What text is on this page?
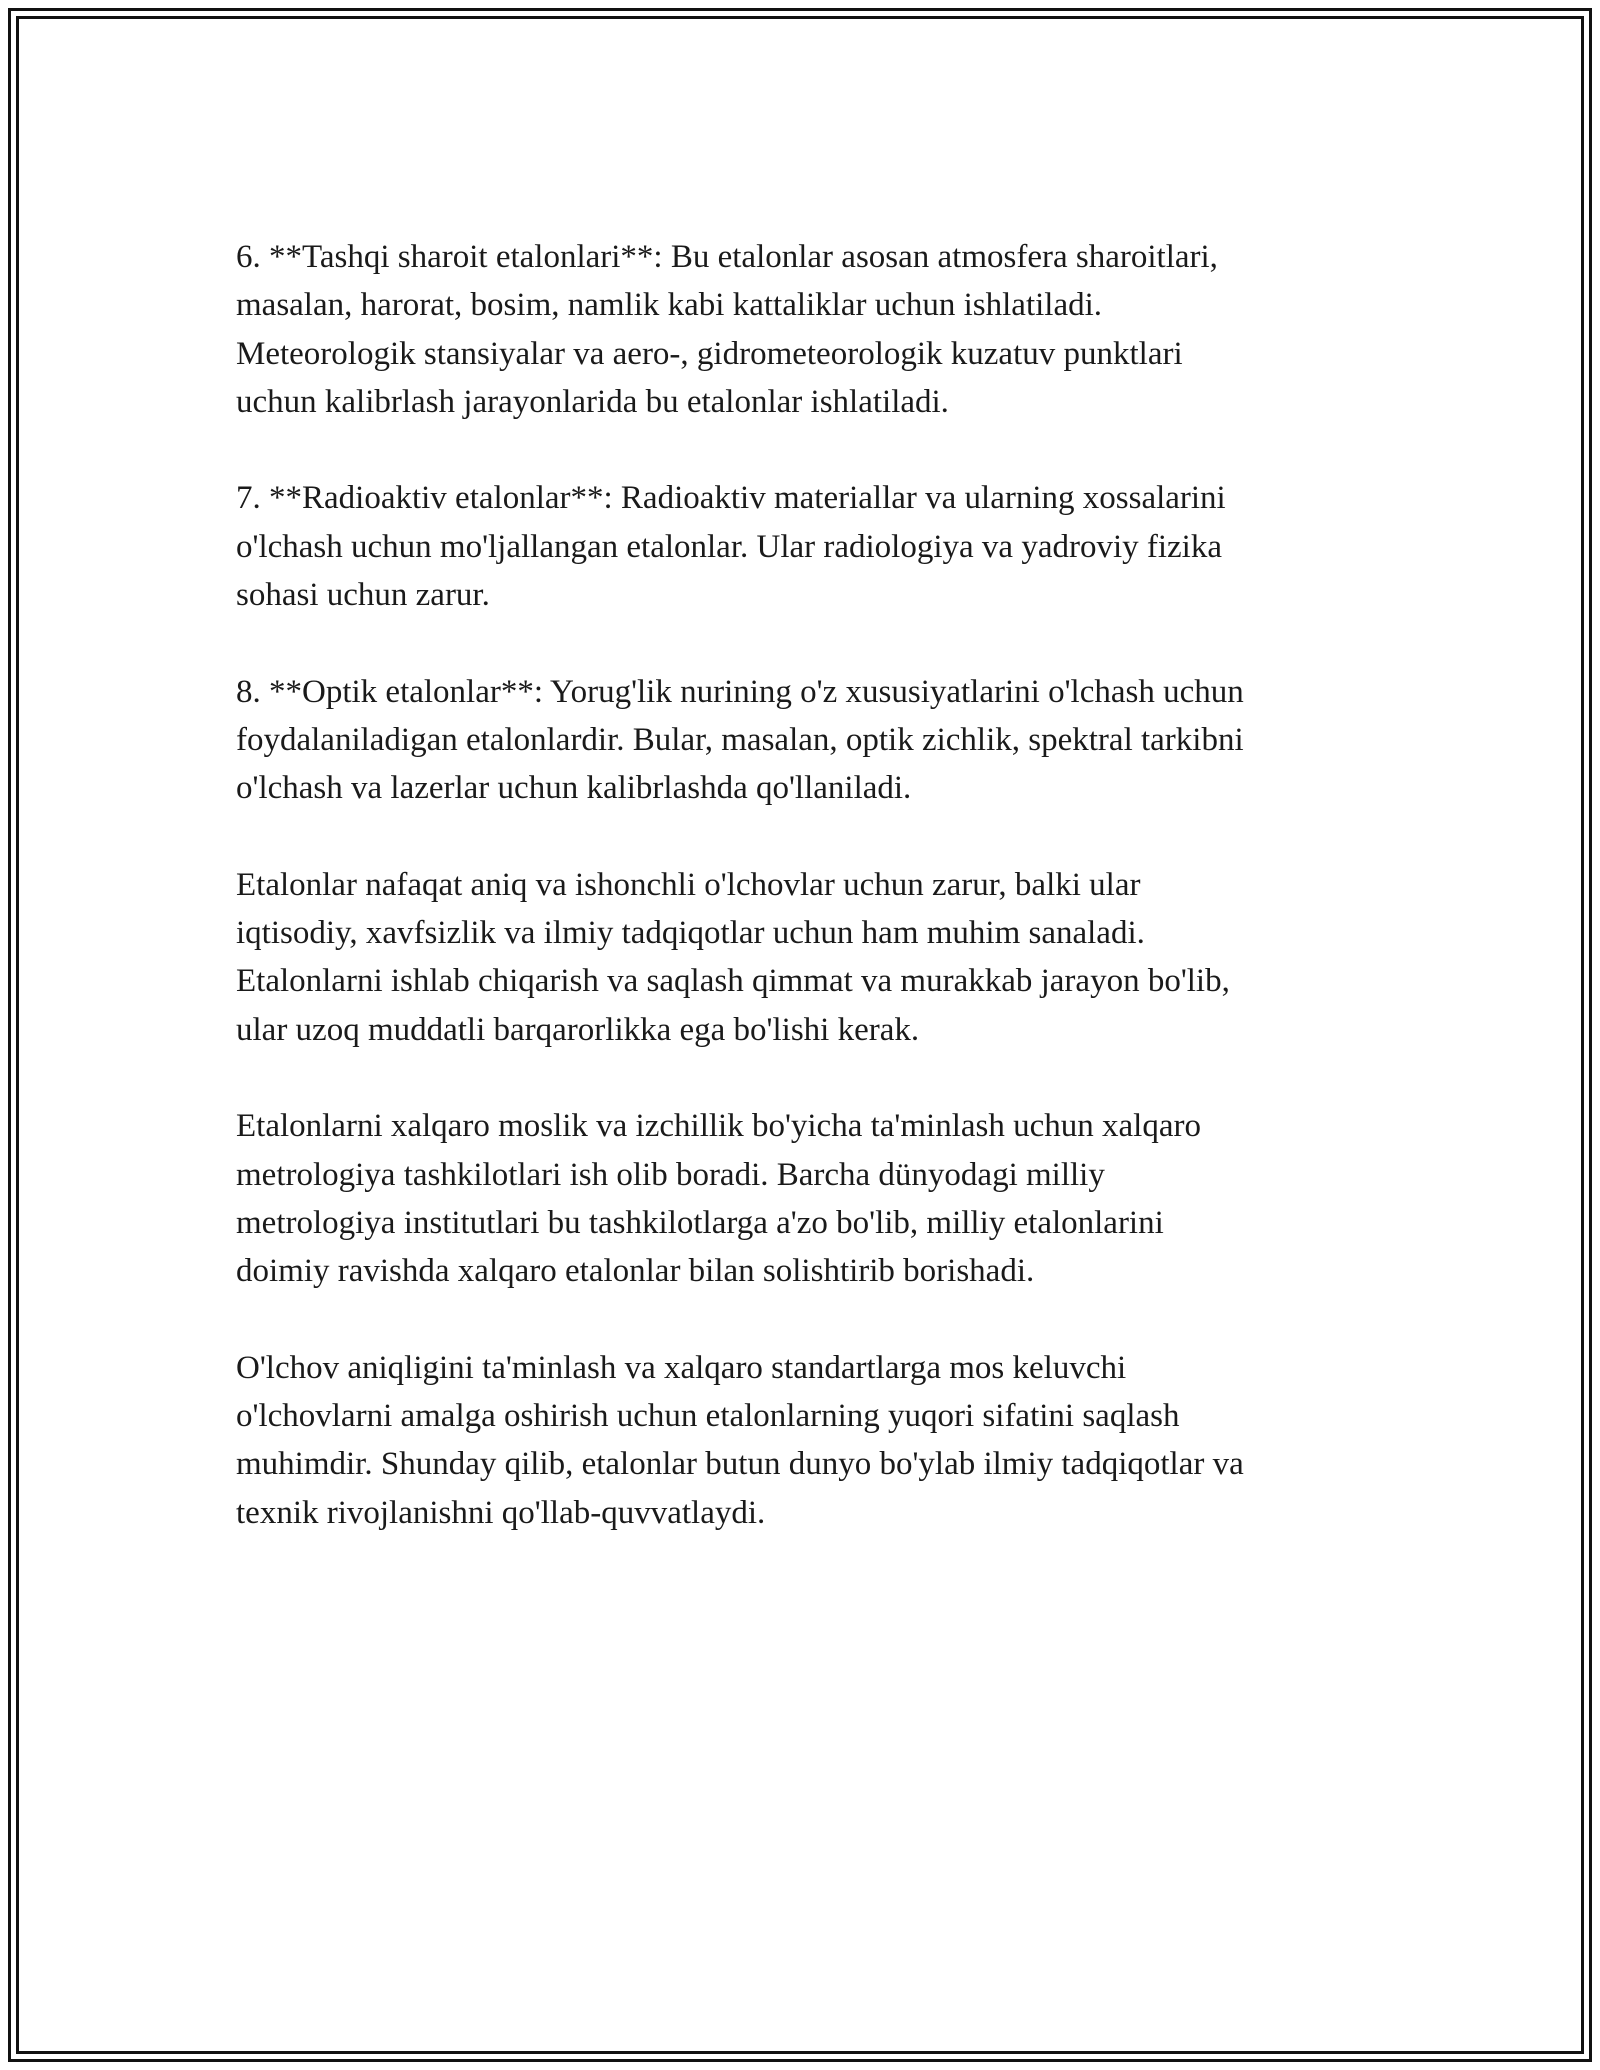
6. **Tashqi sharoit etalonlari**: Bu etalonlar asosan atmosfera sharoitlari,
masalan, harorat, bosim, namlik kabi kattaliklar uchun ishlatiladi.
Meteorologik stansiyalar va aero-, gidrometeorologik kuzatuv punktlari
uchun kalibrlash jarayonlarida bu etalonlar ishlatiladi.

7. **Radioaktiv etalonlar**: Radioaktiv materiallar va ularning xossalarini
o'lchash uchun mo'ljallangan etalonlar. Ular radiologiya va yadroviy fizika
sohasi uchun zarur.

8. **Optik etalonlar**: Yorug'lik nurining o'z xususiyatlarini o'lchash uchun
foydalaniladigan etalonlardir. Bular, masalan, optik zichlik, spektral tarkibni
o'lchash va lazerlar uchun kalibrlashda qo'llaniladi.

Etalonlar nafaqat aniq va ishonchli o'lchovlar uchun zarur, balki ular
iqtisodiy, xavfsizlik va ilmiy tadqiqotlar uchun ham muhim sanaladi.
Etalonlarni ishlab chiqarish va saqlash qimmat va murakkab jarayon bo'lib,
ular uzoq muddatli barqarorlikka ega bo'lishi kerak.

Etalonlarni xalqaro moslik va izchillik bo'yicha ta'minlash uchun xalqaro
metrologiya tashkilotlari ish olib boradi. Barcha dünyodagi milliy
metrologiya institutlari bu tashkilotlarga a'zo bo'lib, milliy etalonlarini
doimiy ravishda xalqaro etalonlar bilan solishtirib borishadi.

O'lchov aniqligini ta'minlash va xalqaro standartlarga mos keluvchi
o'lchovlarni amalga oshirish uchun etalonlarning yuqori sifatini saqlash
muhimdir. Shunday qilib, etalonlar butun dunyo bo'ylab ilmiy tadqiqotlar va
texnik rivojlanishni qo'llab-quvvatlaydi.
